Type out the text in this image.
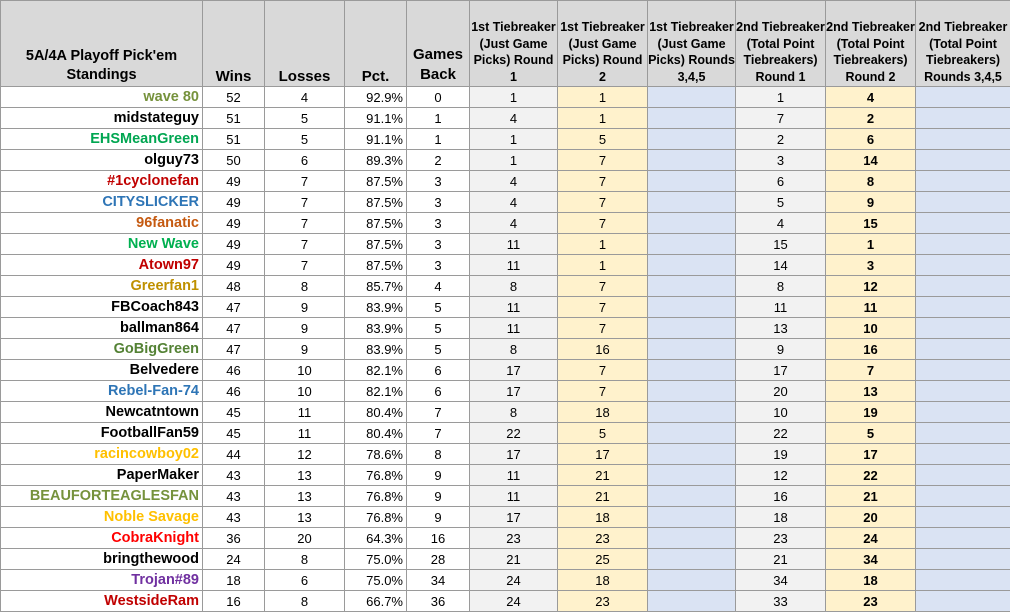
5A/4A Playoff Pick'em Standings	Wins	Losses	Pct.	Games Back	1st Tiebreaker (Just Game Picks) Round 1	1st Tiebreaker (Just Game Picks) Round 2	1st Tiebreaker (Just Game Picks) Rounds 3,4,5	2nd Tiebreaker (Total Point Tiebreakers) Round 1	2nd Tiebreaker (Total Point Tiebreakers) Round 2	2nd Tiebreaker (Total Point Tiebreakers) Rounds 3,4,5
wave 80	52	4	92.9%	0	1	1		1	4	
midstateguy	51	5	91.1%	1	4	1		7	2	
EHSMeanGreen	51	5	91.1%	1	1	5		2	6	
olguy73	50	6	89.3%	2	1	7		3	14	
#1cyclonefan	49	7	87.5%	3	4	7		6	8	
CITYSLICKER	49	7	87.5%	3	4	7		5	9	
96fanatic	49	7	87.5%	3	4	7		4	15	
New Wave	49	7	87.5%	3	11	1		15	1	
Atown97	49	7	87.5%	3	11	1		14	3	
Greerfan1	48	8	85.7%	4	8	7		8	12	
FBCoach843	47	9	83.9%	5	11	7		11	11	
ballman864	47	9	83.9%	5	11	7		13	10	
GoBigGreen	47	9	83.9%	5	8	16		9	16	
Belvedere	46	10	82.1%	6	17	7		17	7	
Rebel-Fan-74	46	10	82.1%	6	17	7		20	13	
Newcatntown	45	11	80.4%	7	8	18		10	19	
FootballFan59	45	11	80.4%	7	22	5		22	5	
racincowboy02	44	12	78.6%	8	17	17		19	17	
PaperMaker	43	13	76.8%	9	11	21		12	22	
BEAUFORTEAGLESFAN	43	13	76.8%	9	11	21		16	21	
Noble Savage	43	13	76.8%	9	17	18		18	20	
CobraKnight	36	20	64.3%	16	23	23		23	24	
bringthewood	24	8	75.0%	28	21	25		21	34	
Trojan#89	18	6	75.0%	34	24	18		34	18	
WestsideRam	16	8	66.7%	36	24	23		33	23	
